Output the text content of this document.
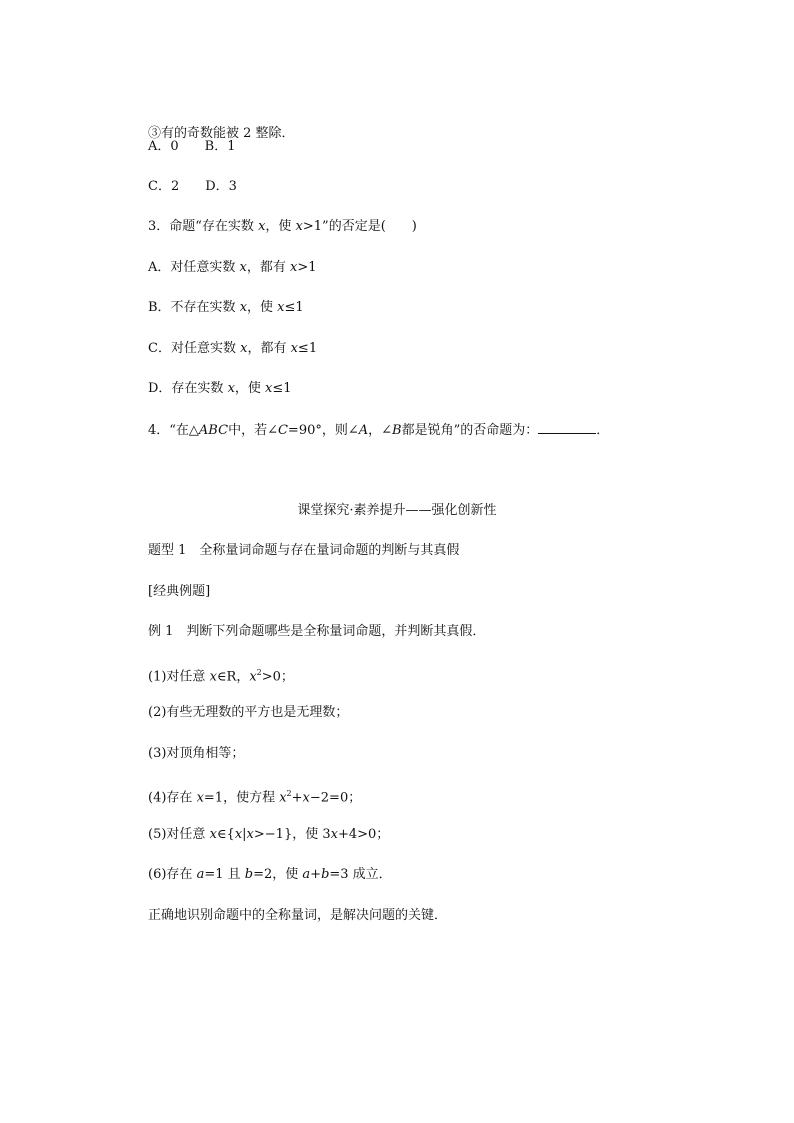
③有的奇数能被 2 整除．
A．0 B．1
C．2 D．3
3．命题“存在实数 x，使 x>1”的否定是(　　)
A．对任意实数 x，都有 x>1
B．不存在实数 x，使 x≤1
C．对任意实数 x，都有 x≤1
D．存在实数 x，使 x≤1
4．“在△ABC中，若∠C=90°，则∠A，∠B都是锐角”的否命题为：	．
课堂探究·素养提升——强化创新性
题型 1　全称量词命题与存在量词命题的判断与其真假
[经典例题]
例 1　判断下列命题哪些是全称量词命题，并判断其真假．
(1)对任意 x∈R，$x^2>0$；
(2)有些无理数的平方也是无理数；
(3)对顶角相等；
(4)存在 x=1，使方程 $x^2+x-2=0$；
(5)对任意 x∈{x|x>−1}，使 3x+4>0；
(6)存在 a=1 且 b=2，使 a+b=3 成立．
正确地识别命题中的全称量词，是解决问题的关键．
